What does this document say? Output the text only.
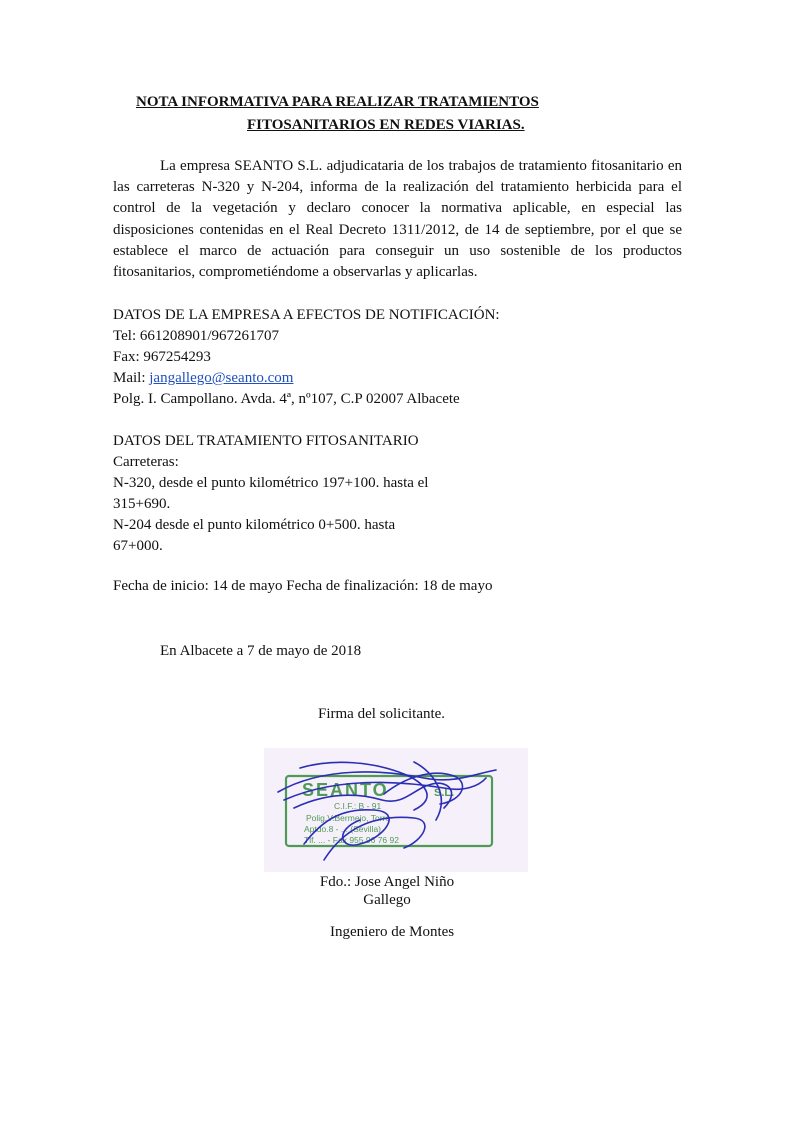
NOTA INFORMATIVA PARA REALIZAR TRATAMIENTOS
FITOSANITARIOS EN REDES VIARIAS.
La empresa SEANTO S.L. adjudicataria de los trabajos de tratamiento fitosanitario en las carreteras N-320 y N-204, informa de la realización del tratamiento herbicida para el control de la vegetación y declaro conocer la normativa aplicable, en especial las disposiciones contenidas en el Real Decreto 1311/2012, de 14 de septiembre, por el que se establece el marco de actuación para conseguir un uso sostenible de los productos fitosanitarios, comprometiéndome a observarlas y aplicarlas.
DATOS DE LA EMPRESA A EFECTOS DE NOTIFICACIÓN:
Tel: 661208901/967261707
Fax: 967254293
Mail: jangallego@seanto.com
Polg. I. Campollano. Avda. 4ª, nº107, C.P 02007 Albacete
DATOS DEL TRATAMIENTO FITOSANITARIO
Carreteras:
N-320, desde el punto kilométrico 197+100. hasta el
315+690.
N-204 desde el punto kilométrico 0+500. hasta
67+000.
Fecha de inicio: 14 de mayo Fecha de finalización: 18 de mayo
En Albacete a 7 de mayo de 2018
Firma del solicitante.
SEANTO	S.L.
C.I.F.: B - 91
Polig.V.Bermejo, Torre
Aptdo.8 - ... (Sevilla)
Tlf. ... - Fax 955 96 76 92
Fdo.: Jose Angel Niño
Gallego
Ingeniero de Montes
